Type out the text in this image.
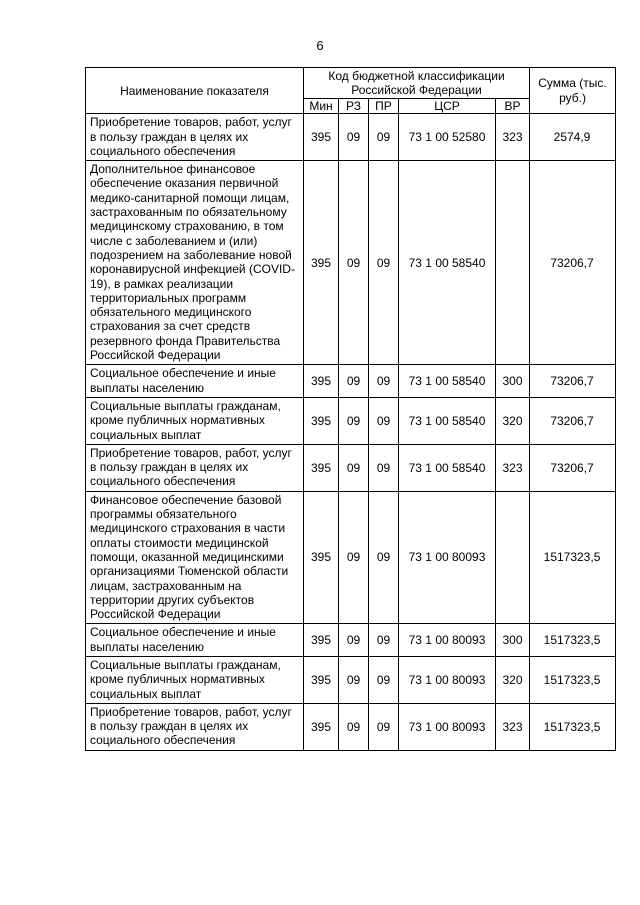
6
Наименование показателя	Код бюджетной классификации Российской Федерации					Сумма (тыс. руб.)
	Мин	РЗ	ПР	ЦСР	ВР	
Приобретение товаров, работ, услуг в пользу граждан в целях их социального обеспечения	395	09	09	73 1 00 52580	323	2574,9
Дополнительное финансовое обеспечение оказания первичной медико-санитарной помощи лицам, застрахованным по обязательному медицинскому страхованию, в том числе с заболеванием и (или) подозрением на заболевание новой коронавирусной инфекцией (COVID-19), в рамках реализации территориальных программ обязательного медицинского страхования за счет средств резервного фонда Правительства Российской Федерации	395	09	09	73 1 00 58540		73206,7
Социальное обеспечение и иные выплаты населению	395	09	09	73 1 00 58540	300	73206,7
Социальные выплаты гражданам, кроме публичных нормативных социальных выплат	395	09	09	73 1 00 58540	320	73206,7
Приобретение товаров, работ, услуг в пользу граждан в целях их социального обеспечения	395	09	09	73 1 00 58540	323	73206,7
Финансовое обеспечение базовой программы обязательного медицинского страхования в части оплаты стоимости медицинской помощи, оказанной медицинскими организациями Тюменской области лицам, застрахованным на территории других субъектов Российской Федерации	395	09	09	73 1 00 80093		1517323,5
Социальное обеспечение и иные выплаты населению	395	09	09	73 1 00 80093	300	1517323,5
Социальные выплаты гражданам, кроме публичных нормативных социальных выплат	395	09	09	73 1 00 80093	320	1517323,5
Приобретение товаров, работ, услуг в пользу граждан в целях их социального обеспечения	395	09	09	73 1 00 80093	323	1517323,5
